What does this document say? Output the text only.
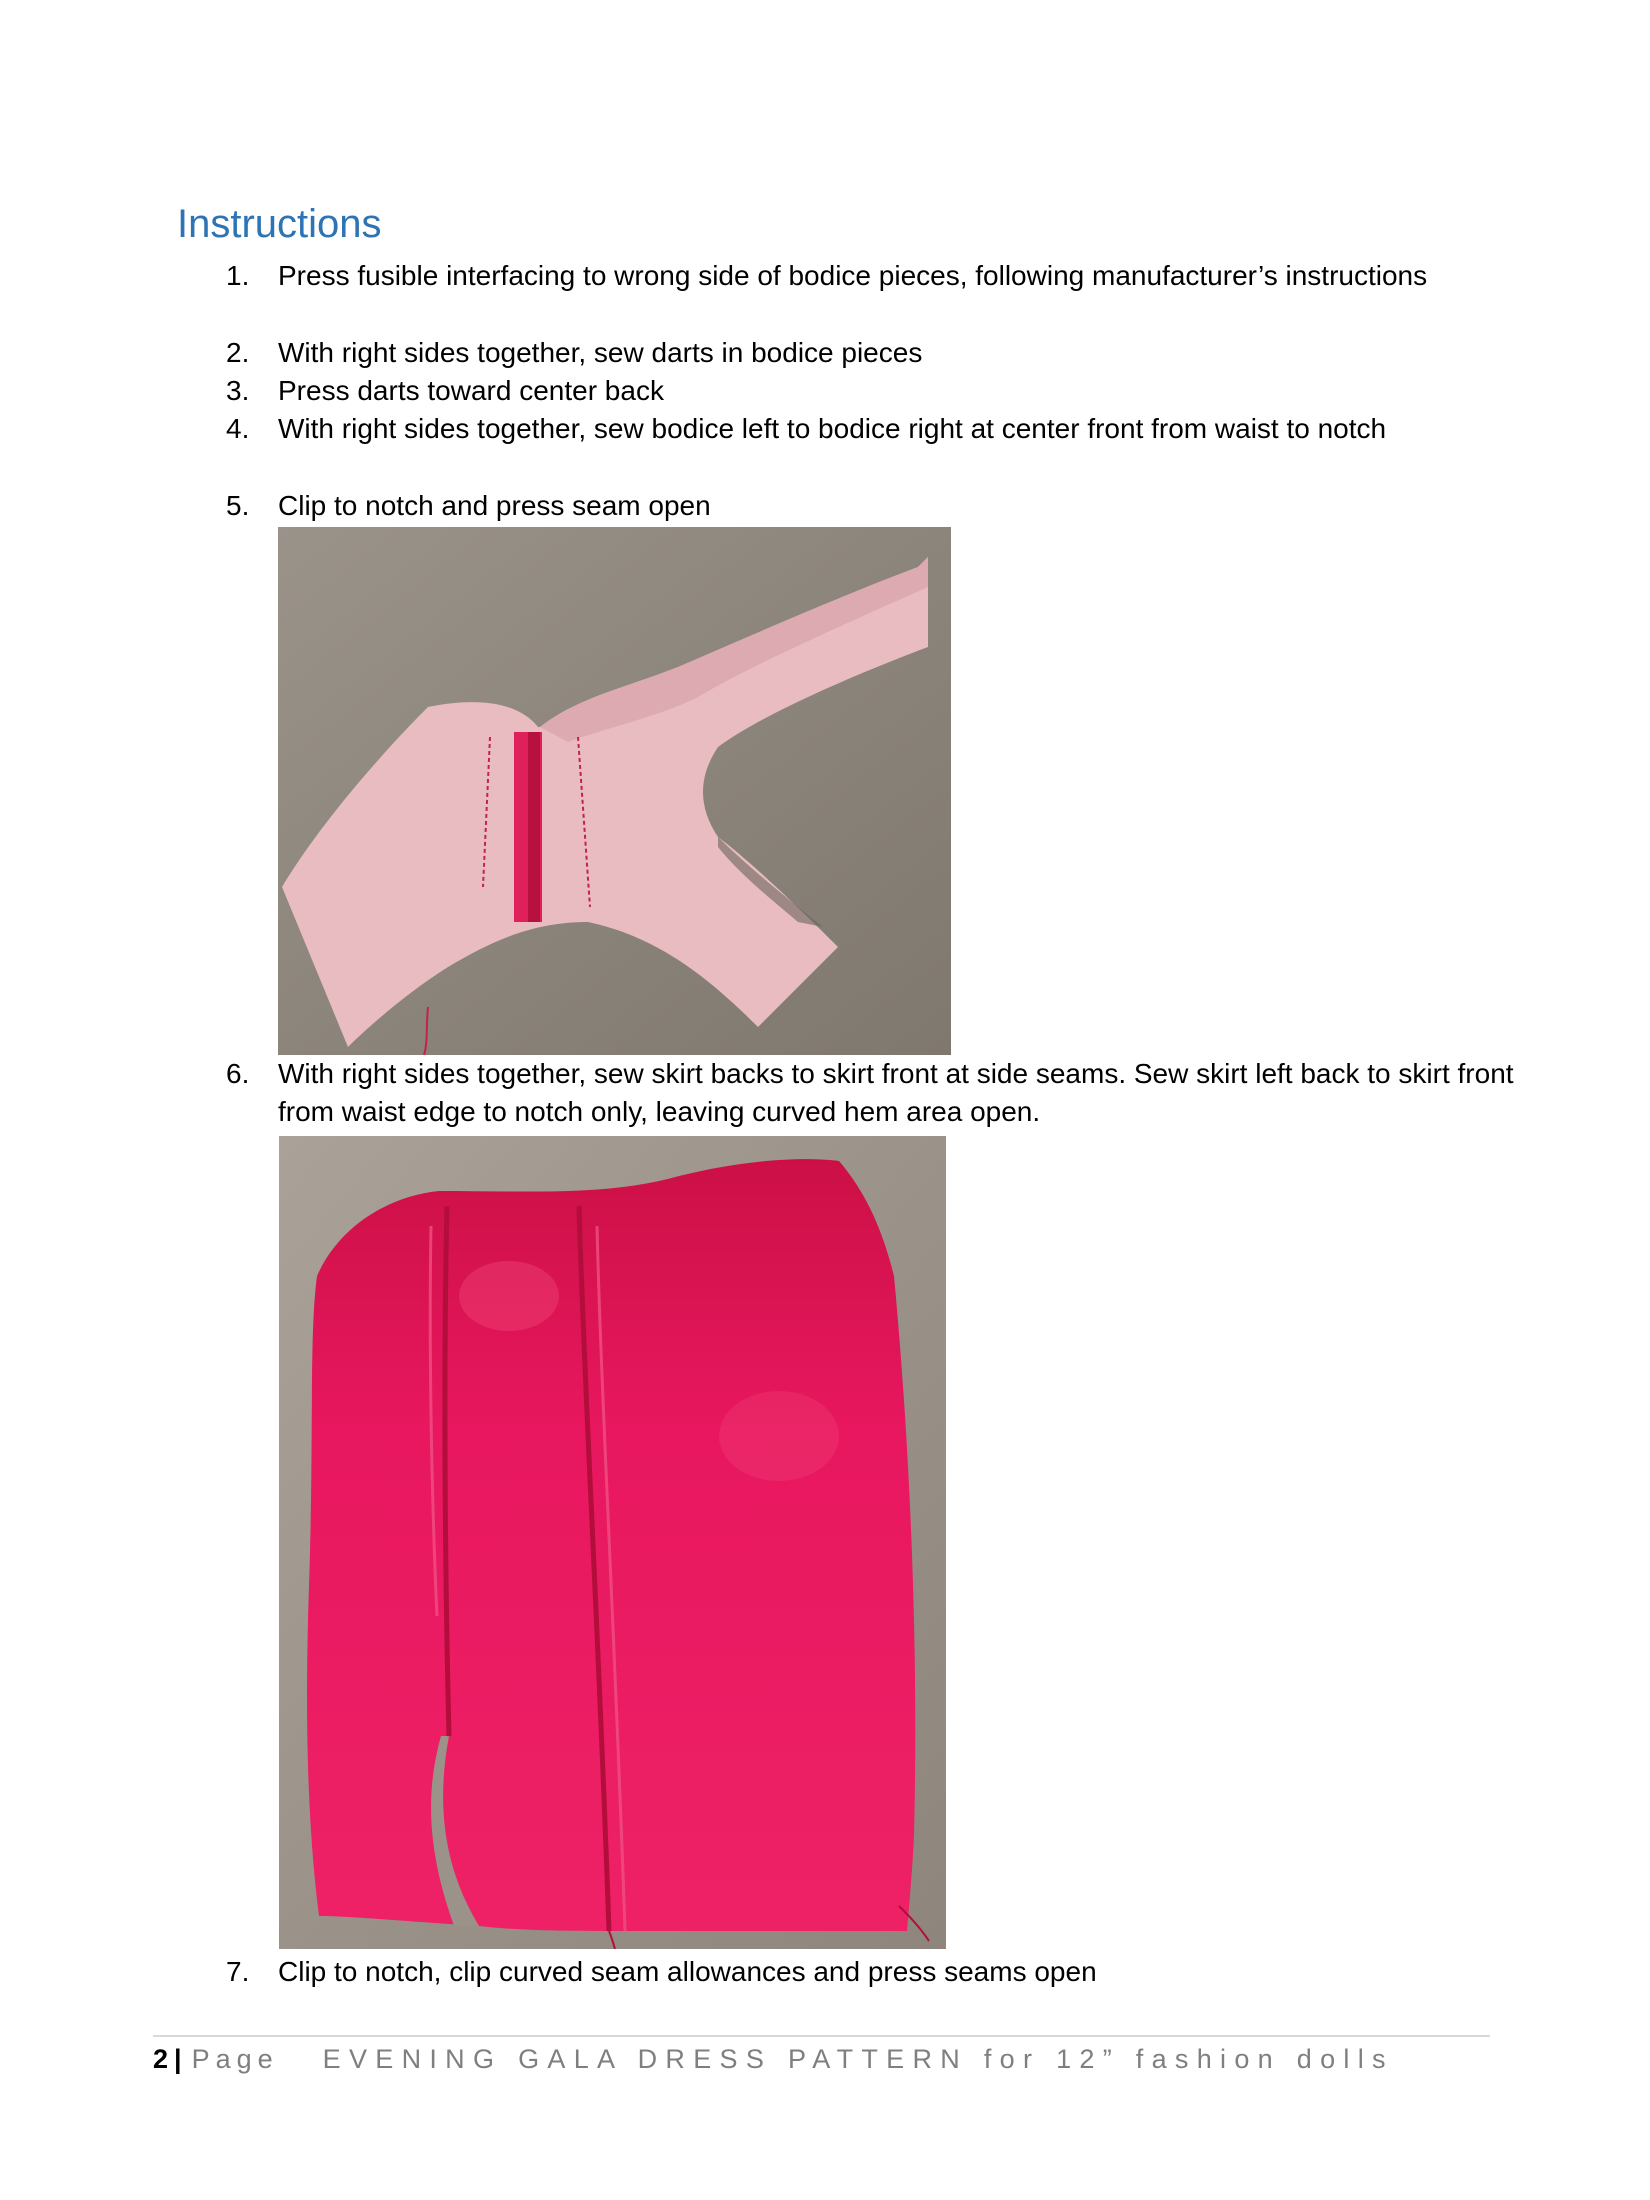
Instructions
1. Press fusible interfacing to wrong side of bodice pieces, following manufacturer’s instructions
2. With right sides together, sew darts in bodice pieces
3. Press darts toward center back
4. With right sides together, sew bodice left to bodice right at center front from waist to notch
5. Clip to notch and press seam open
6. With right sides together, sew skirt backs to skirt front at side seams. Sew skirt left back to skirt front from waist edge to notch only, leaving curved hem area open.
7. Clip to notch, clip curved seam allowances and press seams open
2 | Page EVENING GALA DRESS PATTERN for 12” fashion dolls
